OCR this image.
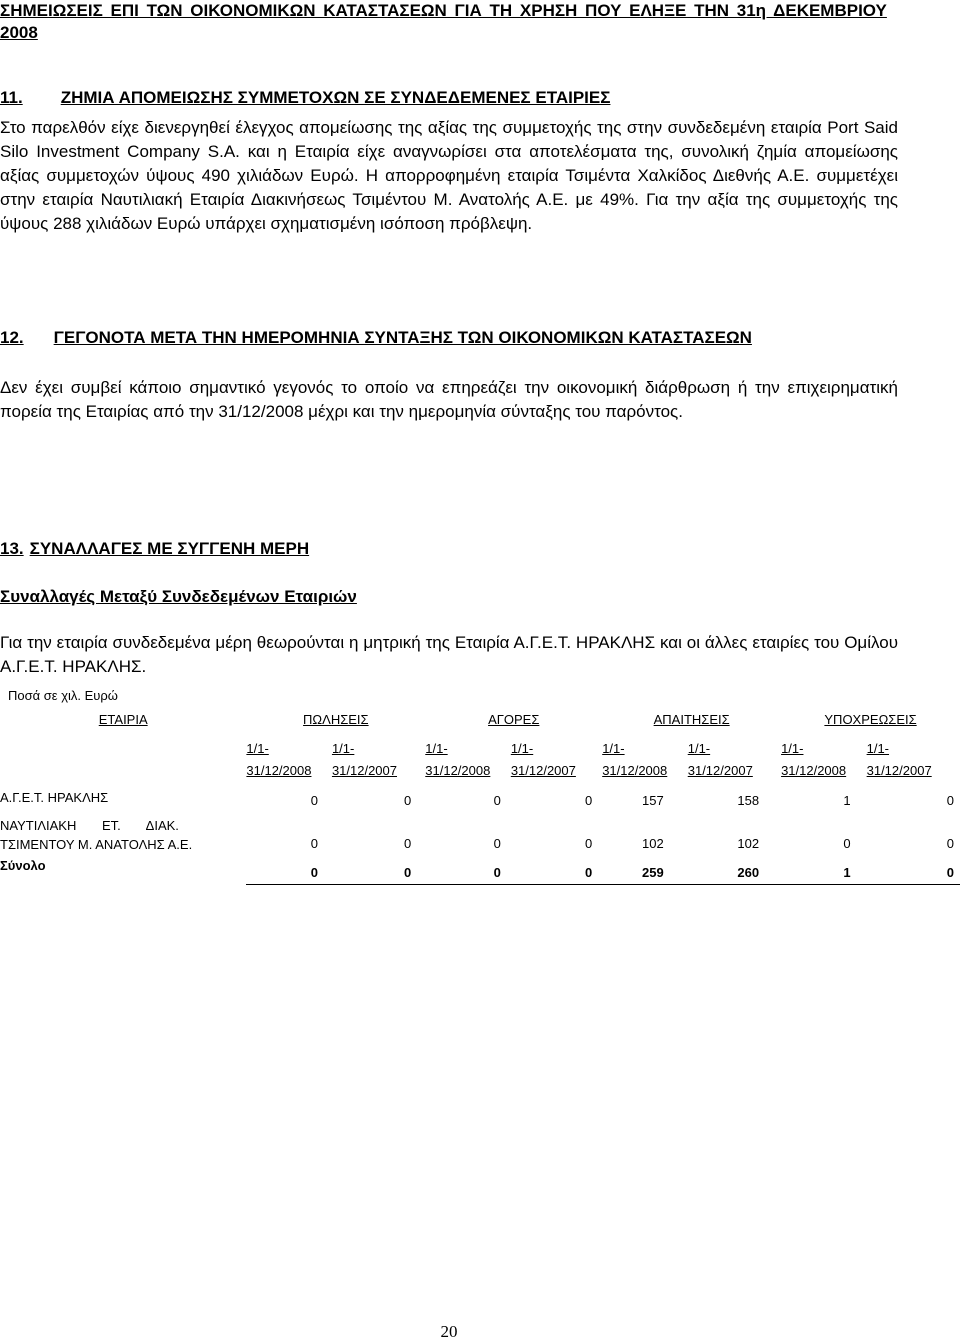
ΣΗΜΕΙΩΣΕΙΣ ΕΠΙ ΤΩΝ ΟΙΚΟΝΟΜΙΚΩΝ ΚΑΤΑΣΤΑΣΕΩΝ ΓΙΑ ΤΗ ΧΡΗΣΗ ΠΟΥ ΕΛΗΞΕ ΤΗΝ 31η ΔΕΚΕΜΒΡΙΟΥ 2008
11. ΖΗΜΙΑ ΑΠΟΜΕΙΩΣΗΣ ΣΥΜΜΕΤΟΧΩΝ ΣΕ ΣΥΝΔΕΔΕΜΕΝΕΣ ΕΤΑΙΡΙΕΣ
Στο παρελθόν είχε διενεργηθεί έλεγχος απομείωσης της αξίας της συμμετοχής της στην συνδεδεμένη εταιρία Port Said Silo Investment Company S.A. και η Εταιρία είχε αναγνωρίσει στα αποτελέσματα της, συνολική ζημία απομείωσης αξίας συμμετοχών ύψους 490 χιλιάδων Ευρώ. Η απορροφημένη εταιρία Τσιμέντα Χαλκίδος Διεθνής Α.Ε. συμμετέχει στην εταιρία Ναυτιλιακή Εταιρία Διακινήσεως Τσιμέντου Μ. Ανατολής Α.Ε. με 49%. Για την αξία της συμμετοχής της ύψους 288 χιλιάδων Ευρώ υπάρχει σχηματισμένη ισόποση πρόβλεψη.
12. ΓΕΓΟΝΟΤΑ ΜΕΤΑ ΤΗΝ ΗΜΕΡΟΜΗΝΙΑ ΣΥΝΤΑΞΗΣ ΤΩΝ ΟΙΚΟΝΟΜΙΚΩΝ ΚΑΤΑΣΤΑΣΕΩΝ
Δεν έχει συμβεί κάποιο σημαντικό γεγονός το οποίο να επηρεάζει την οικονομική διάρθρωση ή την επιχειρηματική πορεία της Εταιρίας από την 31/12/2008 μέχρι και την ημερομηνία σύνταξης του παρόντος.
13. ΣΥΝΑΛΛΑΓΕΣ ΜΕ ΣΥΓΓΕΝΗ ΜΕΡΗ
Συναλλαγές Μεταξύ Συνδεδεμένων Εταιριών
Για την εταιρία συνδεδεμένα μέρη θεωρούνται η μητρική της Εταιρία Α.Γ.Ε.Τ. ΗΡΑΚΛΗΣ και οι άλλες εταιρίες του Ομίλου Α.Γ.Ε.Τ. ΗΡΑΚΛΗΣ.
Ποσά σε χιλ. Ευρώ
ΕΤΑΙΡΙΑ	ΠΩΛΗΣΕΙΣ		ΑΓΟΡΕΣ		ΑΠΑΙΤΗΣΕΙΣ		ΥΠΟΧΡΕΩΣΕΙΣ	
	1/1-
31/12/2008	1/1-
31/12/2007	1/1-
31/12/2008	1/1-
31/12/2007	1/1-
31/12/2008	1/1-
31/12/2007	1/1-
31/12/2008	1/1-
31/12/2007
Α.Γ.Ε.Τ. ΗΡΑΚΛΗΣ	0	0	0	0	157	158	1	0
ΝΑΥΤΙΛΙΑΚΗ ΕΤ. ΔΙΑΚ.
ΤΣΙΜΕΝΤΟΥ Μ. ΑΝΑΤΟΛΗΣ Α.Ε.	0	0	0	0	102	102	0	0
Σύνολο	0	0	0	0	259	260	1	0
20
